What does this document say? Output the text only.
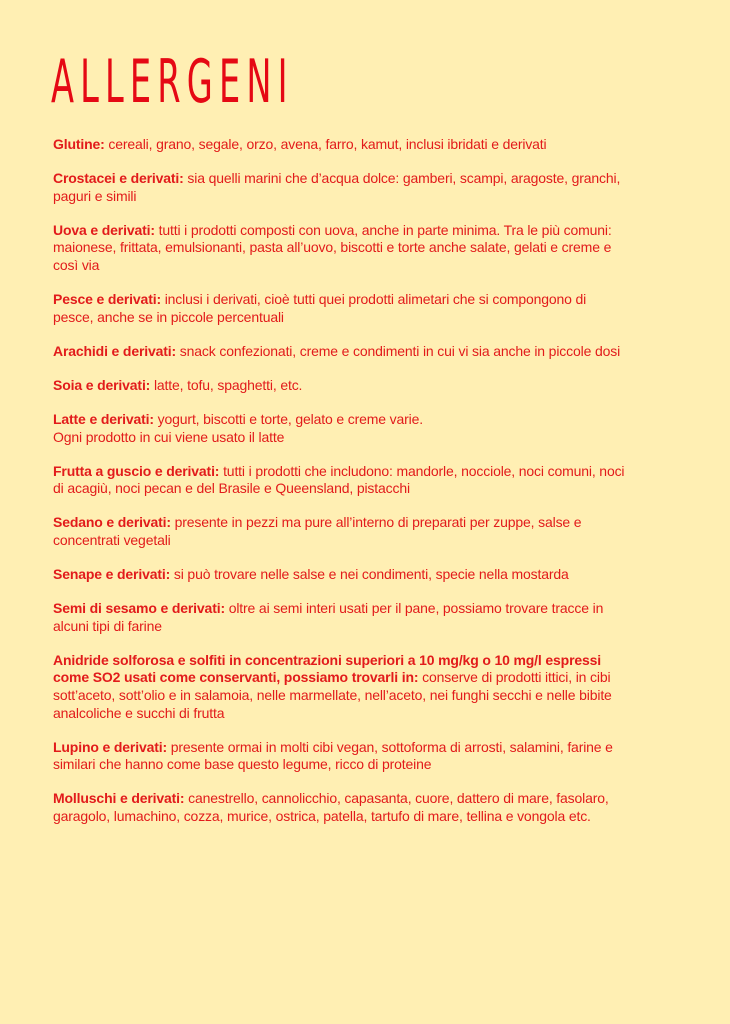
ALLERGENI
Glutine: cereali, grano, segale, orzo, avena, farro, kamut, inclusi ibridati e derivati
Crostacei e derivati: sia quelli marini che d’acqua dolce: gamberi, scampi, aragoste, granchi, paguri e simili
Uova e derivati: tutti i prodotti composti con uova, anche in parte minima. Tra le più comuni: maionese, frittata, emulsionanti, pasta all’uovo, biscotti e torte anche salate, gelati e creme e così via
Pesce e derivati: inclusi i derivati, cioè tutti quei prodotti alimetari che si compongono di pesce, anche se in piccole percentuali
Arachidi e derivati: snack confezionati, creme e condimenti in cui vi sia anche in piccole dosi
Soia e derivati: latte, tofu, spaghetti, etc.
Latte e derivati: yogurt, biscotti e torte, gelato e creme varie.
Ogni prodotto in cui viene usato il latte
Frutta a guscio e derivati: tutti i prodotti che includono: mandorle, nocciole, noci comuni, noci di acagiù, noci pecan e del Brasile e Queensland, pistacchi
Sedano e derivati: presente in pezzi ma pure all’interno di preparati per zuppe, salse e concentrati vegetali
Senape e derivati: si può trovare nelle salse e nei condimenti, specie nella mostarda
Semi di sesamo e derivati: oltre ai semi interi usati per il pane, possiamo trovare tracce in alcuni tipi di farine
Anidride solforosa e solfiti in concentrazioni superiori a 10 mg/kg o 10 mg/l espressi come SO2 usati come conservanti, possiamo trovarli in: conserve di prodotti ittici, in cibi sott’aceto, sott’olio e in salamoia, nelle marmellate, nell’aceto, nei funghi secchi e nelle bibite analcoliche e succhi di frutta
Lupino e derivati: presente ormai in molti cibi vegan, sottoforma di arrosti, salamini, farine e similari che hanno come base questo legume, ricco di proteine
Molluschi e derivati: canestrello, cannolicchio, capasanta, cuore, dattero di mare, fasolaro, garagolo, lumachino, cozza, murice, ostrica, patella, tartufo di mare, tellina e vongola etc.
